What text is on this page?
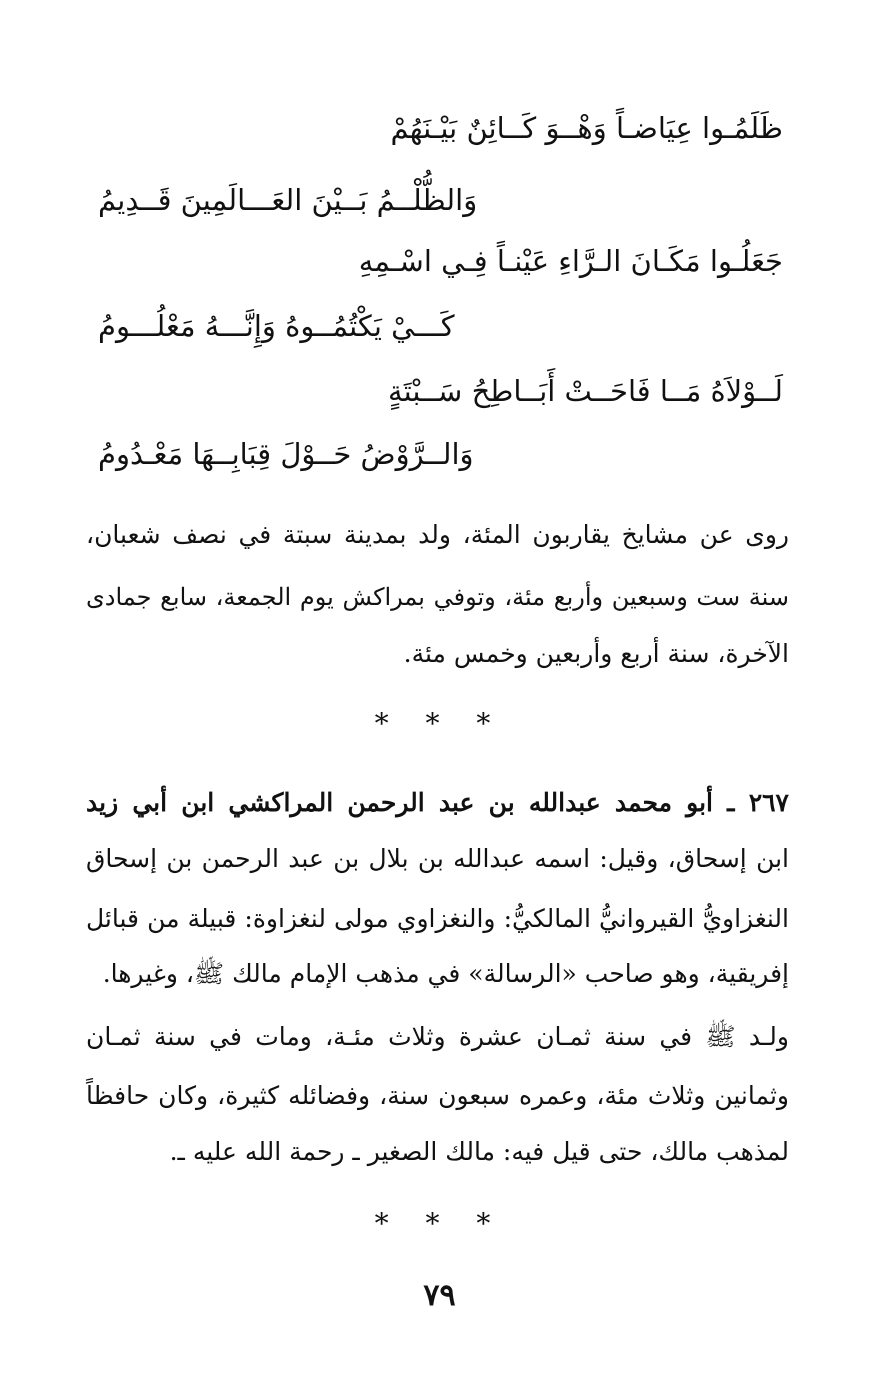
ظَلَمُـوا عِيَاضـاً وَهْــوَ كَــائِنٌ بَيْـنَهُمْ
وَالظُّلْــمُ بَــيْنَ العَـــالَمِينَ قَــدِيمُ
جَعَلُـوا مَكَـانَ الـرَّاءِ عَيْنـاً فِـي اسْـمِهِ
كَـــيْ يَكْتُمُــوهُ وَإِنَّـــهُ مَعْلُـــومُ
لَــوْلاَهُ مَــا فَاحَــتْ أَبَــاطِحُ سَــبْتَةٍ
وَالــرَّوْضُ حَــوْلَ قِبَابِــهَا مَعْـدُومُ
روى عن مشايخ يقاربون المئة، ولد بمدينة سبتة في نصف شعبان،
سنة ست وسبعين وأربع مئة، وتوفي بمراكش يوم الجمعة، سابع جمادى
الآخرة، سنة أربع وأربعين وخمس مئة.
* * *
٢٦٧ ـ أبو محمد عبدالله بن عبد الرحمن المراكشي ابن أبي زيد
ابن إسحاق، وقيل: اسمه عبدالله بن بلال بن عبد الرحمن بن إسحاق
النغزاويُّ القيروانيُّ المالكيُّ: والنغزاوي مولى لنغزاوة: قبيلة من قبائل
إفريقية، وهو صاحب «الرسالة» في مذهب الإمام مالك ﷺ، وغيرها.
ولـد ﷺ في سنة ثمـان عشرة وثلاث مئـة، ومات في سنة ثمـان
وثمانين وثلاث مئة، وعمره سبعون سنة، وفضائله كثيرة، وكان حافظاً
لمذهب مالك، حتى قيل فيه: مالك الصغير ـ رحمة الله عليه ـ.
* * *
٧٩
